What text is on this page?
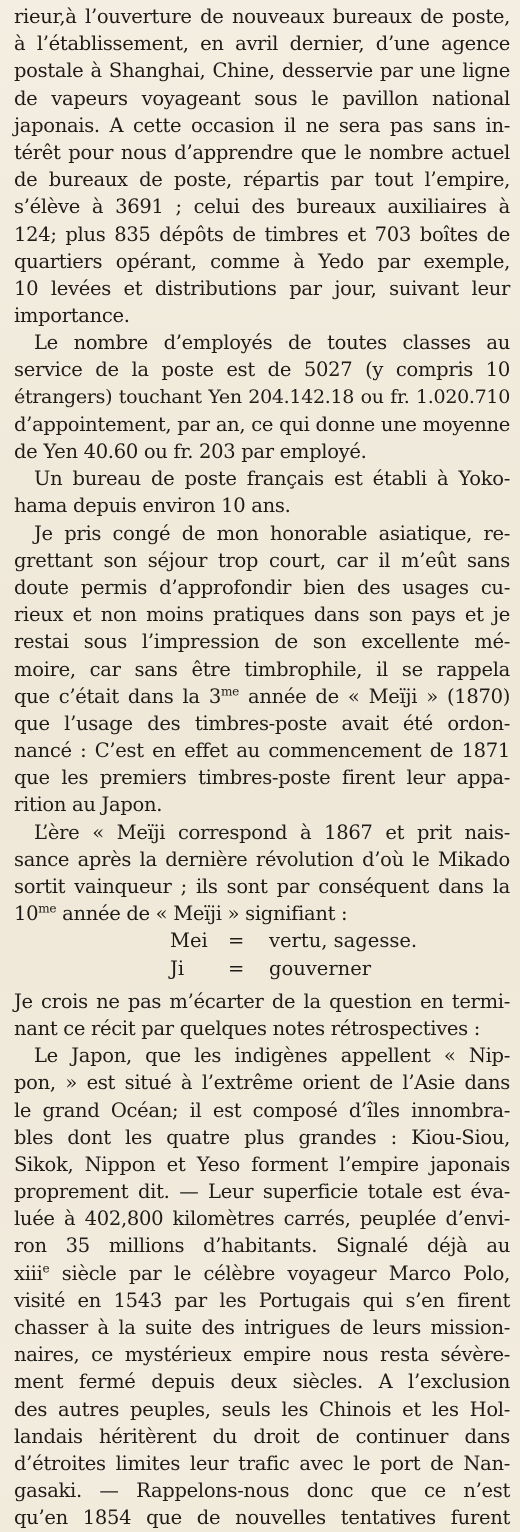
rieur,à l’ouverture de nouveaux bureaux de poste,
à l’établissement, en avril dernier, d’une agence
postale à Shanghai, Chine, desservie par une ligne
de vapeurs voyageant sous le pavillon national
japonais. A cette occasion il ne sera pas sans in-
térêt pour nous d’apprendre que le nombre actuel
de bureaux de poste, répartis par tout l’empire,
s’élève à 3691 ; celui des bureaux auxiliaires à
124; plus 835 dépôts de timbres et 703 boîtes de
quartiers opérant, comme à Yedo par exemple,
10 levées et distributions par jour, suivant leur
importance.
Le nombre d’employés de toutes classes au
service de la poste est de 5027 (y compris 10
étrangers) touchant Yen 204.142.18 ou fr. 1.020.710
d’appointement, par an, ce qui donne une moyenne
de Yen 40.60 ou fr. 203 par employé.
Un bureau de poste français est établi à Yoko-
hama depuis environ 10 ans.
Je pris congé de mon honorable asiatique, re-
grettant son séjour trop court, car il m’eût sans
doute permis d’approfondir bien des usages cu-
rieux et non moins pratiques dans son pays et je
restai sous l’impression de son excellente mé-
moire, car sans être timbrophile, il se rappela
que c’était dans la $3^{me}$ année de « Meïji » (1870)
que l’usage des timbres-poste avait été ordon-
nancé : C’est en effet au commencement de 1871
que les premiers timbres-poste firent leur appa-
rition au Japon.
L’ère « Meïji correspond à 1867 et prit nais-
sance après la dernière révolution d’où le Mikado
sortit vainqueur ; ils sont par conséquent dans la
$10^{me}$ année de « Meïji » signifiant :
Mei = vertu, sagesse.
Ji = gouverner
Je crois ne pas m’écarter de la question en termi-
nant ce récit par quelques notes rétrospectives :
Le Japon, que les indigènes appellent « Nip-
pon, » est situé à l’extrême orient de l’Asie dans
le grand Océan; il est composé d’îles innombra-
bles dont les quatre plus grandes : Kiou-Siou,
Sikok, Nippon et Yeso forment l’empire japonais
proprement dit. — Leur superficie totale est éva-
luée à 402,800 kilomètres carrés, peuplée d’envi-
ron 35 millions d’habitants. Signalé déjà au
xiii$^e$ siècle par le célèbre voyageur Marco Polo,
visité en 1543 par les Portugais qui s’en firent
chasser à la suite des intrigues de leurs mission-
naires, ce mystérieux empire nous resta sévère-
ment fermé depuis deux siècles. A l’exclusion
des autres peuples, seuls les Chinois et les Hol-
landais héritèrent du droit de continuer dans
d’étroites limites leur trafic avec le port de Nan-
gasaki. — Rappelons-nous donc que ce n’est
qu’en 1854 que de nouvelles tentatives furent
